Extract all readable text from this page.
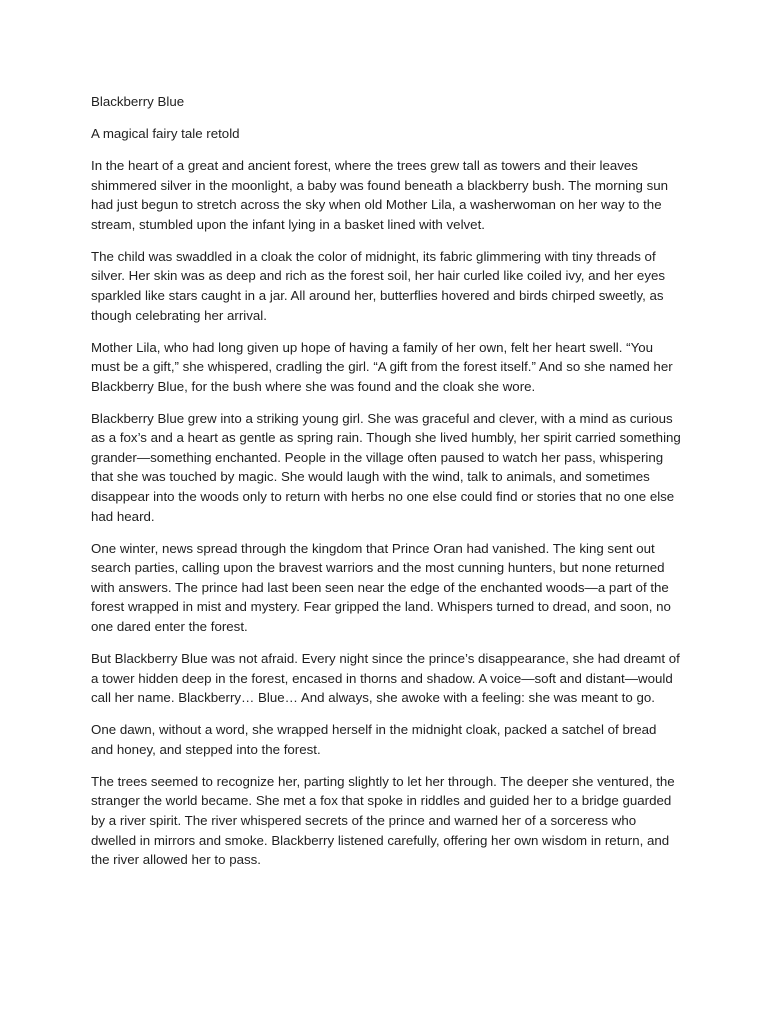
Blackberry Blue

A magical fairy tale retold

In the heart of a great and ancient forest, where the trees grew tall as towers and their leaves shimmered silver in the moonlight, a baby was found beneath a blackberry bush. The morning sun had just begun to stretch across the sky when old Mother Lila, a washerwoman on her way to the stream, stumbled upon the infant lying in a basket lined with velvet.

The child was swaddled in a cloak the color of midnight, its fabric glimmering with tiny threads of silver. Her skin was as deep and rich as the forest soil, her hair curled like coiled ivy, and her eyes sparkled like stars caught in a jar. All around her, butterflies hovered and birds chirped sweetly, as though celebrating her arrival.

Mother Lila, who had long given up hope of having a family of her own, felt her heart swell. “You must be a gift,” she whispered, cradling the girl. “A gift from the forest itself.” And so she named her Blackberry Blue, for the bush where she was found and the cloak she wore.

Blackberry Blue grew into a striking young girl. She was graceful and clever, with a mind as curious as a fox’s and a heart as gentle as spring rain. Though she lived humbly, her spirit carried something grander—something enchanted. People in the village often paused to watch her pass, whispering that she was touched by magic. She would laugh with the wind, talk to animals, and sometimes disappear into the woods only to return with herbs no one else could find or stories that no one else had heard.

One winter, news spread through the kingdom that Prince Oran had vanished. The king sent out search parties, calling upon the bravest warriors and the most cunning hunters, but none returned with answers. The prince had last been seen near the edge of the enchanted woods—a part of the forest wrapped in mist and mystery. Fear gripped the land. Whispers turned to dread, and soon, no one dared enter the forest.

But Blackberry Blue was not afraid. Every night since the prince’s disappearance, she had dreamt of a tower hidden deep in the forest, encased in thorns and shadow. A voice—soft and distant—would call her name. Blackberry… Blue… And always, she awoke with a feeling: she was meant to go.

One dawn, without a word, she wrapped herself in the midnight cloak, packed a satchel of bread and honey, and stepped into the forest.

The trees seemed to recognize her, parting slightly to let her through. The deeper she ventured, the stranger the world became. She met a fox that spoke in riddles and guided her to a bridge guarded by a river spirit. The river whispered secrets of the prince and warned her of a sorceress who dwelled in mirrors and smoke. Blackberry listened carefully, offering her own wisdom in return, and the river allowed her to pass.
